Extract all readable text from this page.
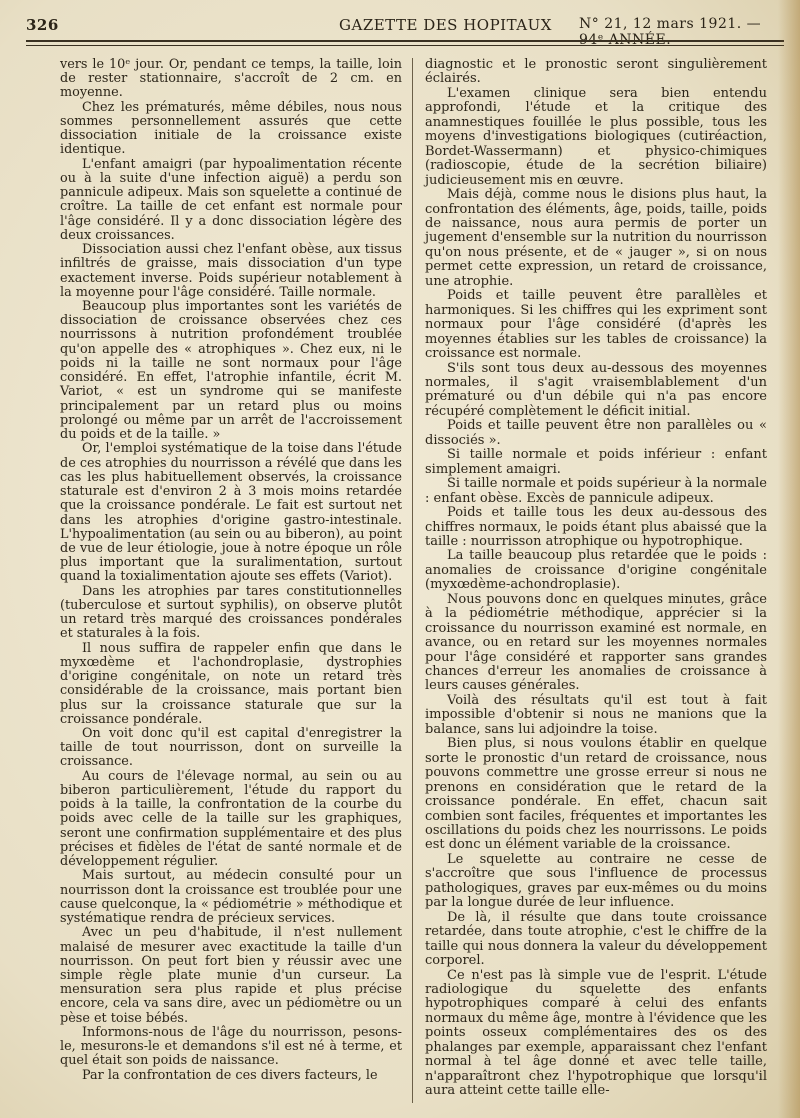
326	GAZETTE DES HOPITAUX N° 21, 12 mars 1921. — 94ᵉ ANNÉE.

vers le 10ᵉ jour. Or, pendant ce temps, la taille, loin de rester stationnaire, s'accroît de 2 cm. en moyenne.

Chez les prématurés, même débiles, nous nous sommes personnellement assurés que cette dissociation initiale de la croissance existe identique.

L'enfant amaigri (par hypoalimentation récente ou à la suite d'une infection aiguë) a perdu son pannicule adipeux. Mais son squelette a continué de croître. La taille de cet enfant est normale pour l'âge considéré. Il y a donc dissociation légère des deux croissances.

Dissociation aussi chez l'enfant obèse, aux tissus infiltrés de graisse, mais dissociation d'un type exactement inverse. Poids supérieur notablement à la moyenne pour l'âge considéré. Taille normale.

Beaucoup plus importantes sont les variétés de dissociation de croissance observées chez ces nourrissons à nutrition profondément troublée qu'on appelle des « atrophiques ». Chez eux, ni le poids ni la taille ne sont normaux pour l'âge considéré. En effet, l'atrophie infantile, écrit M. Variot, « est un syndrome qui se manifeste principalement par un retard plus ou moins prolongé ou même par un arrêt de l'accroissement du poids et de la taille. »

Or, l'emploi systématique de la toise dans l'étude de ces atrophies du nourrisson a révélé que dans les cas les plus habituellement observés, la croissance staturale est d'environ 2 à 3 mois moins retardée que la croissance pondérale. Le fait est surtout net dans les atrophies d'origine gastro-intestinale. L'hypoalimentation (au sein ou au biberon), au point de vue de leur étiologie, joue à notre époque un rôle plus important que la suralimentation, surtout quand la toxialimentation ajoute ses effets (Variot).

Dans les atrophies par tares constitutionnelles (tuberculose et surtout syphilis), on observe plutôt un retard très marqué des croissances pondérales et staturales à la fois.

Il nous suffira de rappeler enfin que dans le myxœdème et l'achondroplasie, dystrophies d'origine congénitale, on note un retard très considérable de la croissance, mais portant bien plus sur la croissance staturale que sur la croissance pondérale.

On voit donc qu'il est capital d'enregistrer la taille de tout nourrisson, dont on surveille la croissance.

Au cours de l'élevage normal, au sein ou au biberon particulièrement, l'étude du rapport du poids à la taille, la confrontation de la courbe du poids avec celle de la taille sur les graphiques, seront une confirmation supplémentaire et des plus précises et fidèles de l'état de santé normale et de développement régulier.

Mais surtout, au médecin consulté pour un nourrisson dont la croissance est troublée pour une cause quelconque, la « pédiométrie » méthodique et systématique rendra de précieux services.

Avec un peu d'habitude, il n'est nullement malaisé de mesurer avec exactitude la taille d'un nourrisson. On peut fort bien y réussir avec une simple règle plate munie d'un curseur. La mensuration sera plus rapide et plus précise encore, cela va sans dire, avec un pédiomètre ou un pèse et toise bébés.

Informons-nous de l'âge du nourrisson, pesons-le, mesurons-le et demandons s'il est né à terme, et quel était son poids de naissance.

Par la confrontation de ces divers facteurs, le

diagnostic et le pronostic seront singulièrement éclairés.

L'examen clinique sera bien entendu approfondi, l'étude et la critique des anamnestiques fouillée le plus possible, tous les moyens d'investigations biologiques (cutiréaction, Bordet-Wassermann) et physico-chimiques (radioscopie, étude de la secrétion biliaire) judicieusement mis en œuvre.

Mais déjà, comme nous le disions plus haut, la confrontation des éléments, âge, poids, taille, poids de naissance, nous aura permis de porter un jugement d'ensemble sur la nutrition du nourrisson qu'on nous présente, et de « jauger », si on nous permet cette expression, un retard de croissance, une atrophie.

Poids et taille peuvent être parallèles et harmoniques. Si les chiffres qui les expriment sont normaux pour l'âge considéré (d'après les moyennes établies sur les tables de croissance) la croissance est normale.

S'ils sont tous deux au-dessous des moyennes normales, il s'agit vraisemblablement d'un prématuré ou d'un débile qui n'a pas encore récupéré complètement le déficit initial.

Poids et taille peuvent être non parallèles ou « dissociés ».

Si taille normale et poids inférieur : enfant simplement amaigri.

Si taille normale et poids supérieur à la normale : enfant obèse. Excès de pannicule adipeux.

Poids et taille tous les deux au-dessous des chiffres normaux, le poids étant plus abaissé que la taille : nourrisson atrophique ou hypotrophique.

La taille beaucoup plus retardée que le poids : anomalies de croissance d'origine congénitale (myxœdème-achondroplasie).

Nous pouvons donc en quelques minutes, grâce à la pédiométrie méthodique, apprécier si la croissance du nourrisson examiné est normale, en avance, ou en retard sur les moyennes normales pour l'âge considéré et rapporter sans grandes chances d'erreur les anomalies de croissance à leurs causes générales.

Voilà des résultats qu'il est tout à fait impossible d'obtenir si nous ne manions que la balance, sans lui adjoindre la toise.

Bien plus, si nous voulons établir en quelque sorte le pronostic d'un retard de croissance, nous pouvons commettre une grosse erreur si nous ne prenons en considération que le retard de la croissance pondérale. En effet, chacun sait combien sont faciles, fréquentes et importantes les oscillations du poids chez les nourrissons. Le poids est donc un élément variable de la croissance.

Le squelette au contraire ne cesse de s'accroître que sous l'influence de processus pathologiques, graves par eux-mêmes ou du moins par la longue durée de leur influence.

De là, il résulte que dans toute croissance retardée, dans toute atrophie, c'est le chiffre de la taille qui nous donnera la valeur du développement corporel.

Ce n'est pas là simple vue de l'esprit. L'étude radiologique du squelette des enfants hypotrophiques comparé à celui des enfants normaux du même âge, montre à l'évidence que les points osseux complémentaires des os des phalanges par exemple, apparaissant chez l'enfant normal à tel âge donné et avec telle taille, n'apparaîtront chez l'hypotrophique que lorsqu'il aura atteint cette taille elle-
